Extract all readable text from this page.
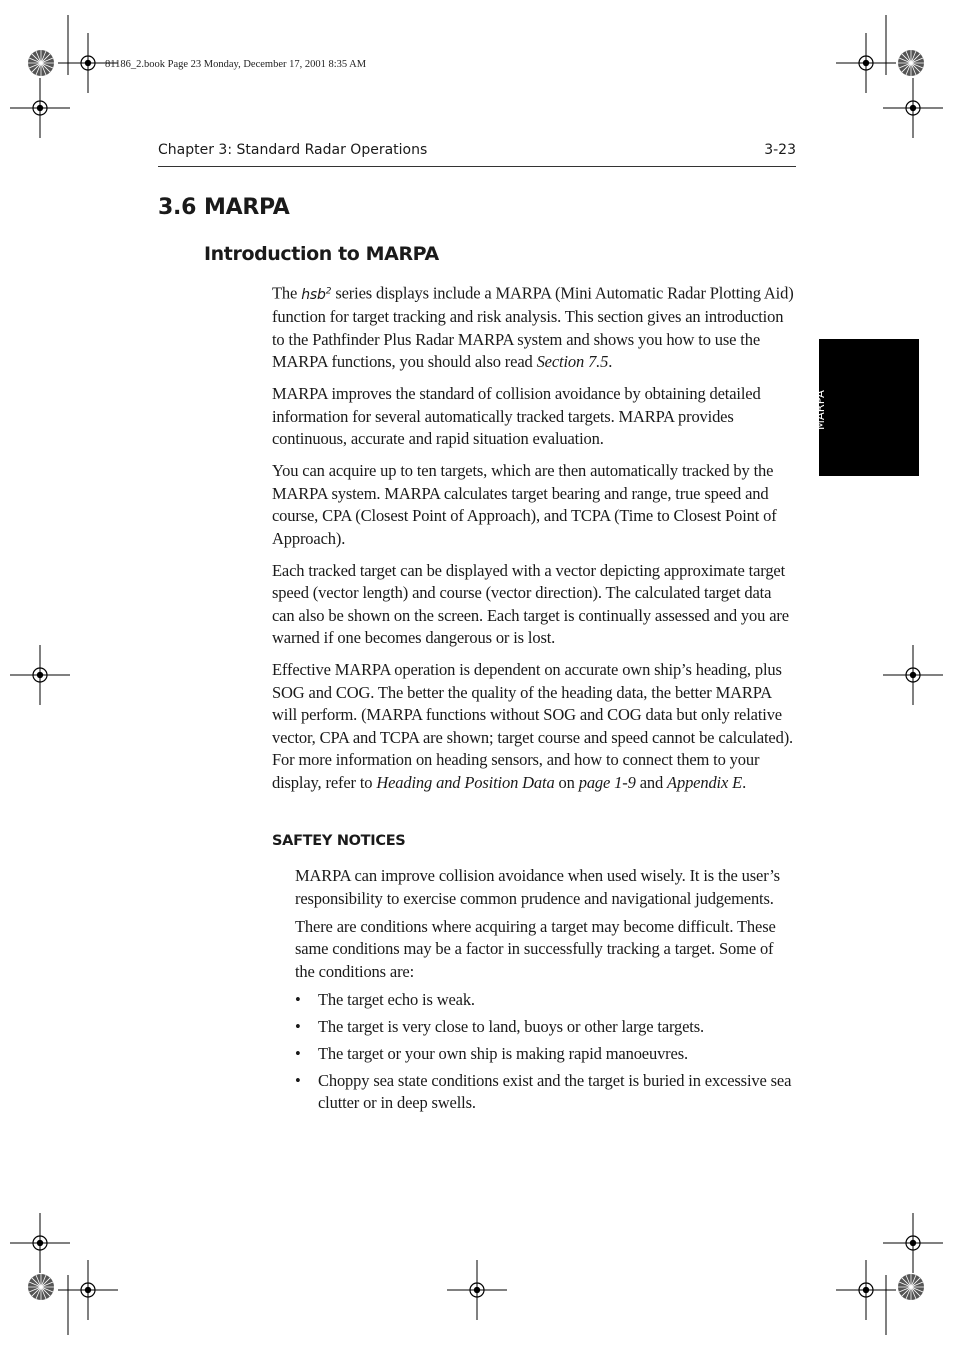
81186_2.book Page 23 Monday, December 17, 2001 8:35 AM
Chapter 3: Standard Radar Operations	3-23
3.6 MARPA
Introduction to MARPA
MARPA

The hsb$^2$ series displays include a MARPA (Mini Automatic Radar Plotting Aid) function for target tracking and risk analysis. This section gives an introduction to the Pathfinder Plus Radar MARPA system and shows you how to use the MARPA functions, you should also read Section 7.5.

MARPA improves the standard of collision avoidance by obtaining detailed information for several automatically tracked targets. MARPA provides continuous, accurate and rapid situation evaluation.

You can acquire up to ten targets, which are then automatically tracked by the MARPA system. MARPA calculates target bearing and range, true speed and course, CPA (Closest Point of Approach), and TCPA (Time to Closest Point of Approach).

Each tracked target can be displayed with a vector depicting approximate target speed (vector length) and course (vector direction). The calculated target data can also be shown on the screen. Each target is continually assessed and you are warned if one becomes dangerous or is lost.

Effective MARPA operation is dependent on accurate own ship’s heading, plus SOG and COG. The better the quality of the heading data, the better MARPA will perform. (MARPA functions without SOG and COG data but only relative vector, CPA and TCPA are shown; target course and speed cannot be calculated). For more information on heading sensors, and how to connect them to your display, refer to Heading and Position Data on page 1-9 and Appendix E.

SAFTEY NOTICES

MARPA can improve collision avoidance when used wisely. It is the user’s responsibility to exercise common prudence and navigational judgements.

There are conditions where acquiring a target may become difficult. These same conditions may be a factor in successfully tracking a target. Some of the conditions are:

• The target echo is weak.
• The target is very close to land, buoys or other large targets.
• The target or your own ship is making rapid manoeuvres.
• Choppy sea state conditions exist and the target is buried in excessive sea clutter or in deep swells.
